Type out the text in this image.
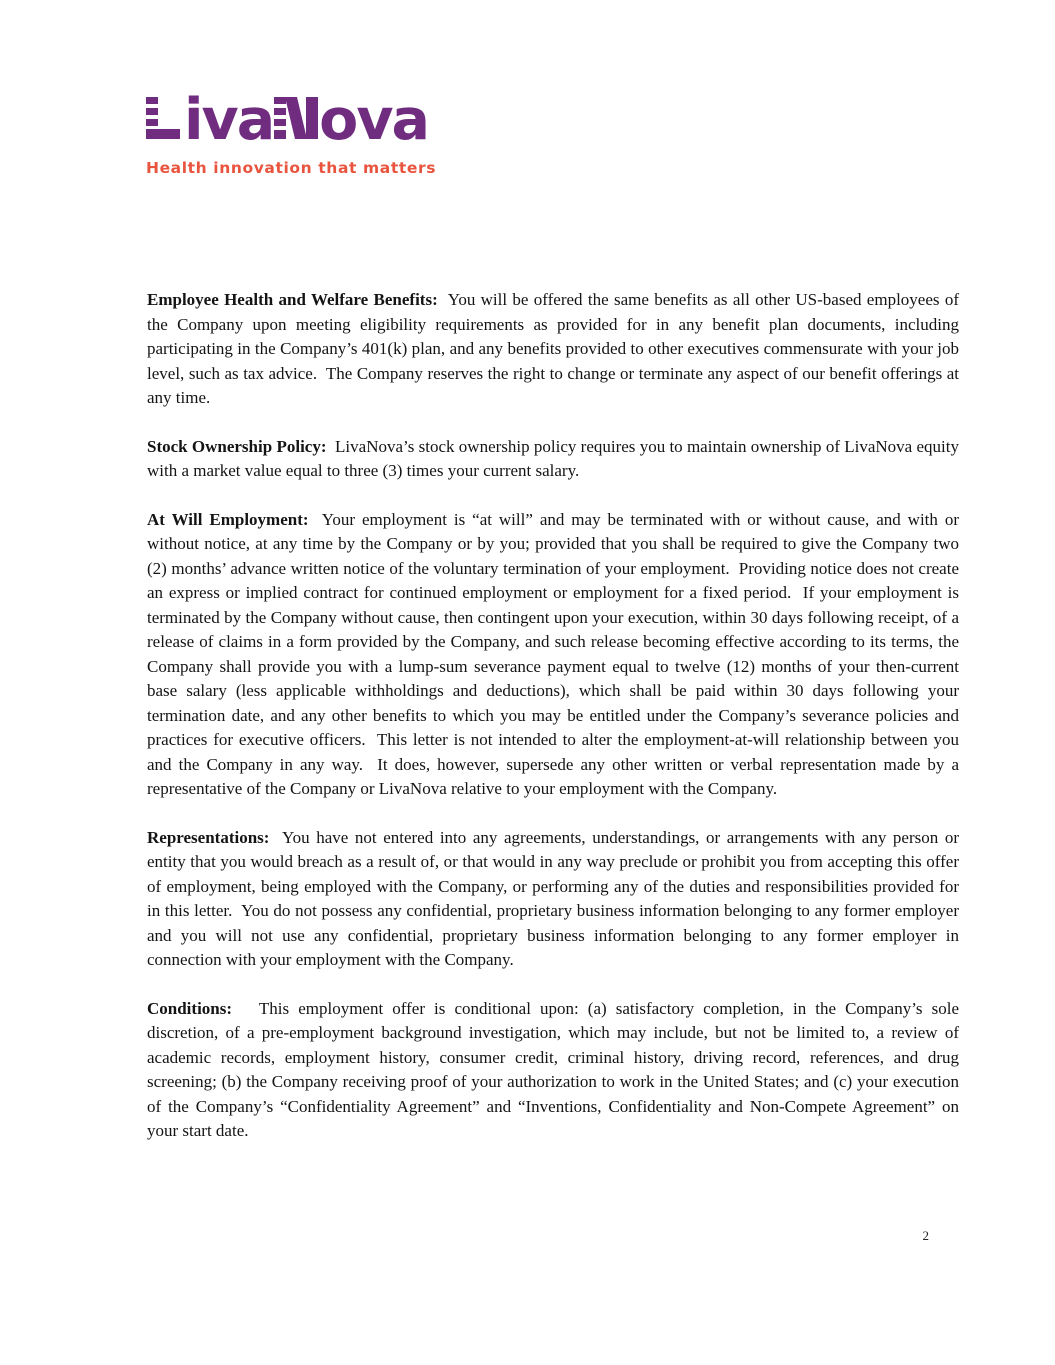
iva ova
Health innovation that matters

Employee Health and Welfare Benefits:  You will be offered the same benefits as all other US-based employees of the Company upon meeting eligibility requirements as provided for in any benefit plan documents, including participating in the Company’s 401(k) plan, and any benefits provided to other executives commensurate with your job level, such as tax advice.  The Company reserves the right to change or terminate any aspect of our benefit offerings at any time.

Stock Ownership Policy:  LivaNova’s stock ownership policy requires you to maintain ownership of LivaNova equity with a market value equal to three (3) times your current salary.

At Will Employment:  Your employment is “at will” and may be terminated with or without cause, and with or without notice, at any time by the Company or by you; provided that you shall be required to give the Company two (2) months’ advance written notice of the voluntary termination of your employment.  Providing notice does not create an express or implied contract for continued employment or employment for a fixed period.  If your employment is terminated by the Company without cause, then contingent upon your execution, within 30 days following receipt, of a release of claims in a form provided by the Company, and such release becoming effective according to its terms, the Company shall provide you with a lump-sum severance payment equal to twelve (12) months of your then-current base salary (less applicable withholdings and deductions), which shall be paid within 30 days following your termination date, and any other benefits to which you may be entitled under the Company’s severance policies and practices for executive officers.  This letter is not intended to alter the employment-at-will relationship between you and the Company in any way.  It does, however, supersede any other written or verbal representation made by a representative of the Company or LivaNova relative to your employment with the Company.

Representations:  You have not entered into any agreements, understandings, or arrangements with any person or entity that you would breach as a result of, or that would in any way preclude or prohibit you from accepting this offer of employment, being employed with the Company, or performing any of the duties and responsibilities provided for in this letter.  You do not possess any confidential, proprietary business information belonging to any former employer and you will not use any confidential, proprietary business information belonging to any former employer in connection with your employment with the Company.

Conditions:   This employment offer is conditional upon: (a) satisfactory completion, in the Company’s sole discretion, of a pre-employment background investigation, which may include, but not be limited to, a review of academic records, employment history, consumer credit, criminal history, driving record, references, and drug screening; (b) the Company receiving proof of your authorization to work in the United States; and (c) your execution of the Company’s “Confidentiality Agreement” and “Inventions, Confidentiality and Non-Compete Agreement” on your start date.

2
